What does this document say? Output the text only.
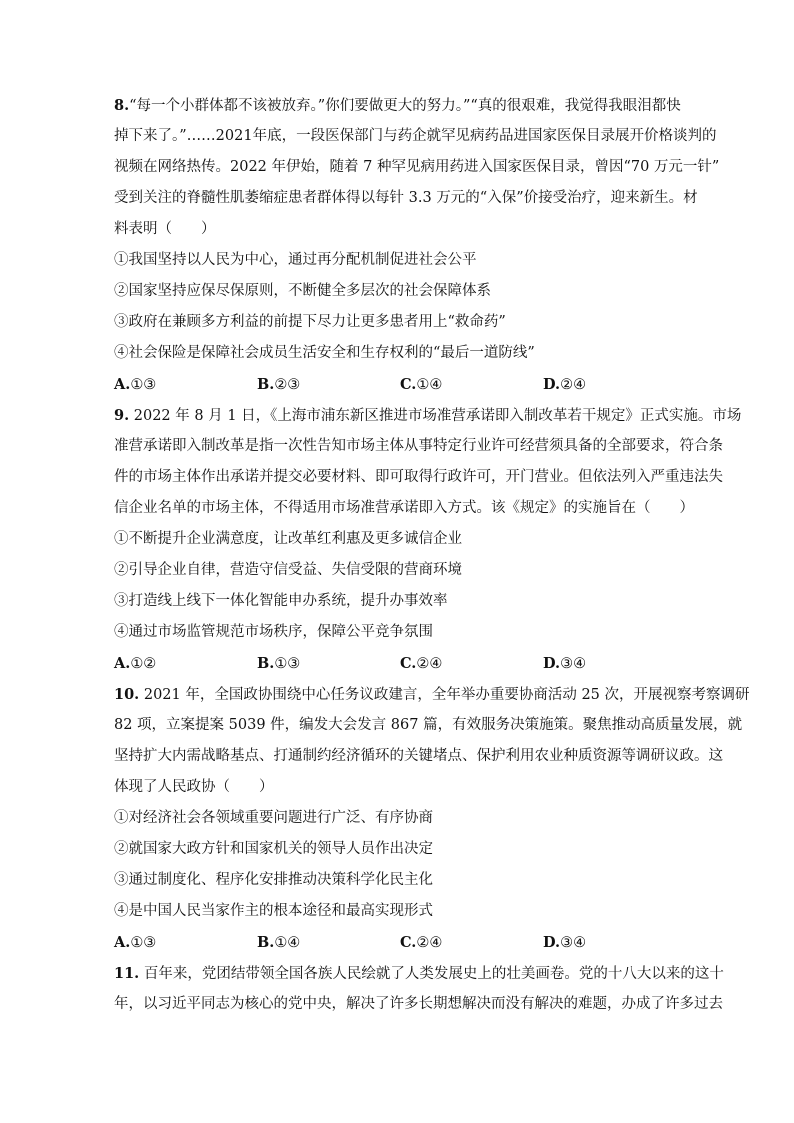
8.“每一个小群体都不该被放弃。”你们要做更大的努力。”“真的很艰难，我觉得我眼泪都快
掉下来了。”……2021年底，一段医保部门与药企就罕见病药品进国家医保目录展开价格谈判的
视频在网络热传。2022 年伊始，随着 7 种罕见病用药进入国家医保目录，曾因“70 万元一针”
受到关注的脊髓性肌萎缩症患者群体得以每针 3.3 万元的“入保”价接受治疗，迎来新生。材
料表明（　　）
①我国坚持以人民为中心，通过再分配机制促进社会公平
②国家坚持应保尽保原则，不断健全多层次的社会保障体系
③政府在兼顾多方利益的前提下尽力让更多患者用上“救命药”
④社会保险是保障社会成员生活安全和生存权利的“最后一道防线”
A.①③	B.②③	C.①④	D.②④
9. 2022 年 8 月 1 日，《上海市浦东新区推进市场准营承诺即入制改革若干规定》正式实施。市场
准营承诺即入制改革是指一次性告知市场主体从事特定行业许可经营须具备的全部要求，符合条
件的市场主体作出承诺并提交必要材料、即可取得行政许可，开门营业。但依法列入严重违法失
信企业名单的市场主体，不得适用市场准营承诺即入方式。该《规定》的实施旨在（　　）
①不断提升企业满意度，让改革红利惠及更多诚信企业
②引导企业自律，营造守信受益、失信受限的营商环境
③打造线上线下一体化智能申办系统，提升办事效率
④通过市场监管规范市场秩序，保障公平竞争氛围
A.①②	B.①③	C.②④	D.③④
10. 2021 年，全国政协围绕中心任务议政建言，全年举办重要协商活动 25 次，开展视察考察调研
82 项，立案提案 5039 件，编发大会发言 867 篇，有效服务决策施策。聚焦推动高质量发展，就
坚持扩大内需战略基点、打通制约经济循环的关键堵点、保护利用农业种质资源等调研议政。这
体现了人民政协（　　）
①对经济社会各领域重要问题进行广泛、有序协商
②就国家大政方针和国家机关的领导人员作出决定
③通过制度化、程序化安排推动决策科学化民主化
④是中国人民当家作主的根本途径和最高实现形式
A.①③	B.①④	C.②④	D.③④
11. 百年来，党团结带领全国各族人民绘就了人类发展史上的壮美画卷。党的十八大以来的这十
年，以习近平同志为核心的党中央，解决了许多长期想解决而没有解决的难题，办成了许多过去
